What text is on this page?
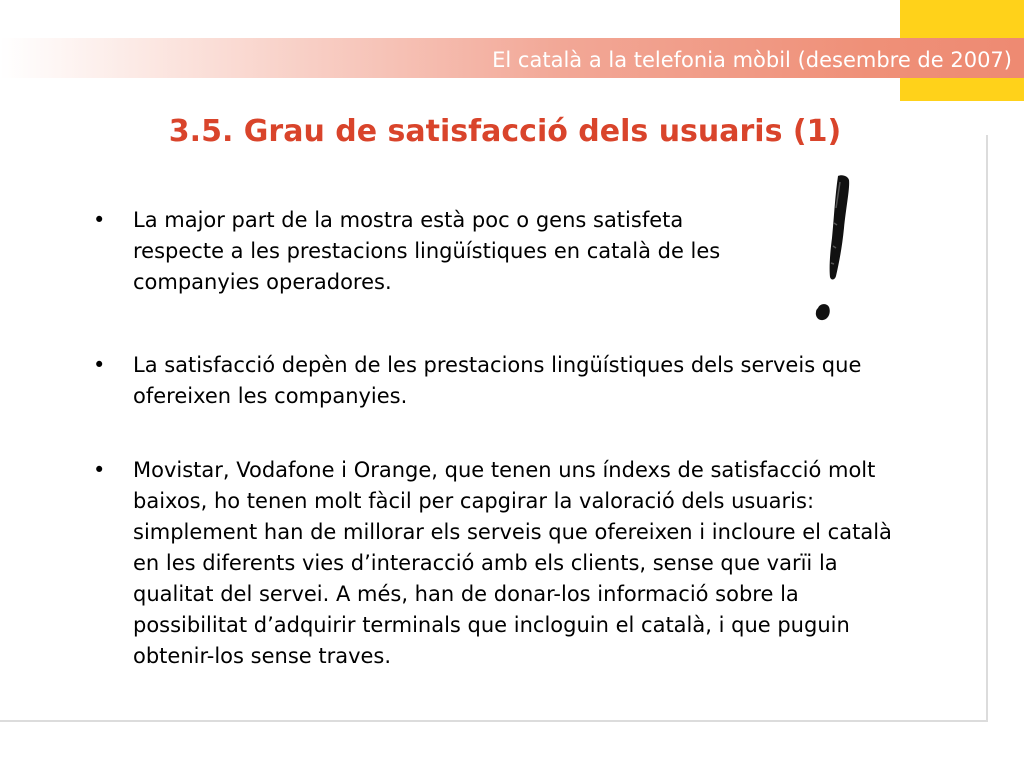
El català a la telefonia mòbil (desembre de 2007)
3.5. Grau de satisfacció dels usuaris (1)
• La major part de la mostra està poc o gens satisfeta respecte a les prestacions lingüístiques en català de les companyies operadores.

• La satisfacció depèn de les prestacions lingüístiques dels serveis que ofereixen les companyies.

• Movistar, Vodafone i Orange, que tenen uns índexs de satisfacció molt baixos, ho tenen molt fàcil per capgirar la valoració dels usuaris: simplement han de millorar els serveis que ofereixen i incloure el català en les diferents vies d’interacció amb els clients, sense que varïi la qualitat del servei. A més, han de donar-los informació sobre la possibilitat d’adquirir terminals que incloguin el català, i que puguin obtenir-los sense traves.
